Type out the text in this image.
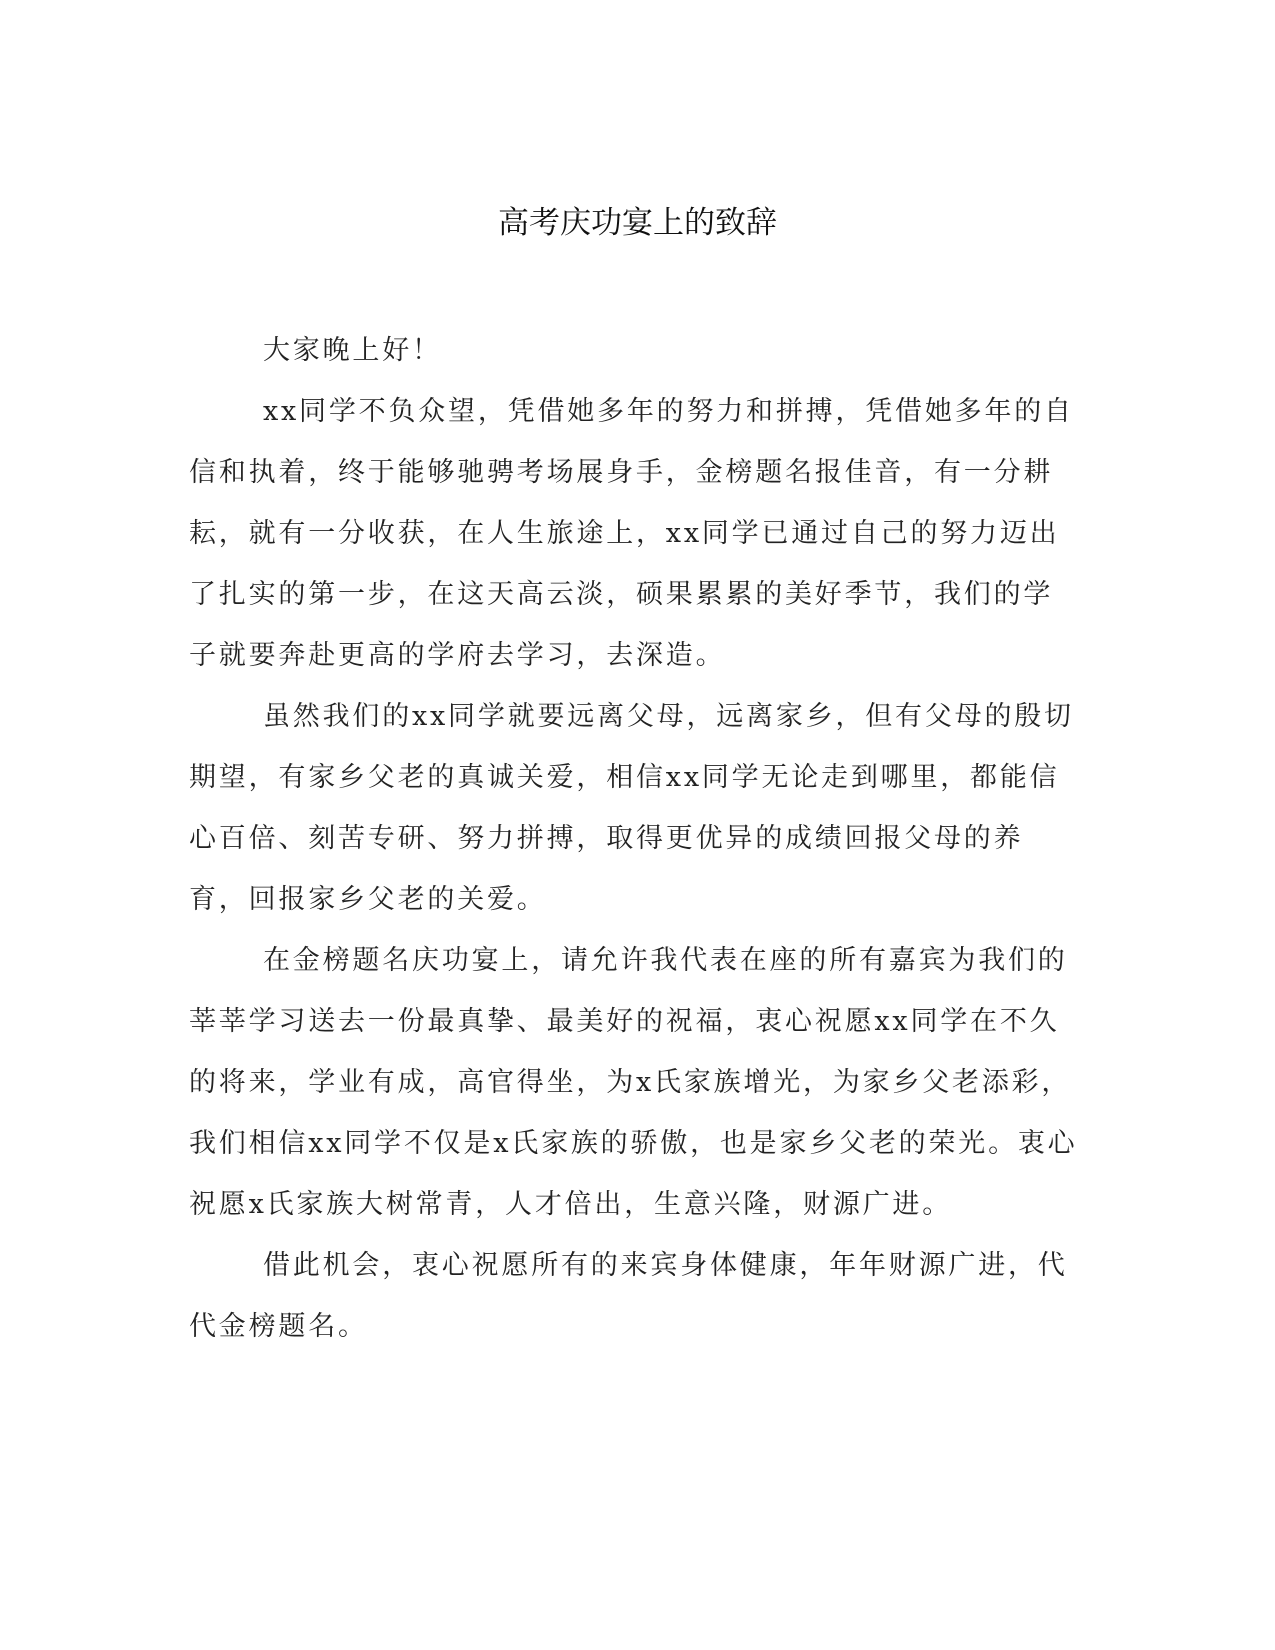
高考庆功宴上的致辞

大家晚上好！

xx同学不负众望，凭借她多年的努力和拼搏，凭借她多年的自信和执着，终于能够驰骋考场展身手，金榜题名报佳音，有一分耕耘，就有一分收获，在人生旅途上，xx同学已通过自己的努力迈出了扎实的第一步，在这天高云淡，硕果累累的美好季节，我们的学子就要奔赴更高的学府去学习，去深造。

虽然我们的xx同学就要远离父母，远离家乡，但有父母的殷切期望，有家乡父老的真诚关爱，相信xx同学无论走到哪里，都能信心百倍、刻苦专研、努力拼搏，取得更优异的成绩回报父母的养育，回报家乡父老的关爱。

在金榜题名庆功宴上，请允许我代表在座的所有嘉宾为我们的莘莘学习送去一份最真挚、最美好的祝福，衷心祝愿xx同学在不久的将来，学业有成，高官得坐，为x氏家族增光，为家乡父老添彩，我们相信xx同学不仅是x氏家族的骄傲，也是家乡父老的荣光。衷心祝愿x氏家族大树常青，人才倍出，生意兴隆，财源广进。

借此机会，衷心祝愿所有的来宾身体健康，年年财源广进，代代金榜题名。
